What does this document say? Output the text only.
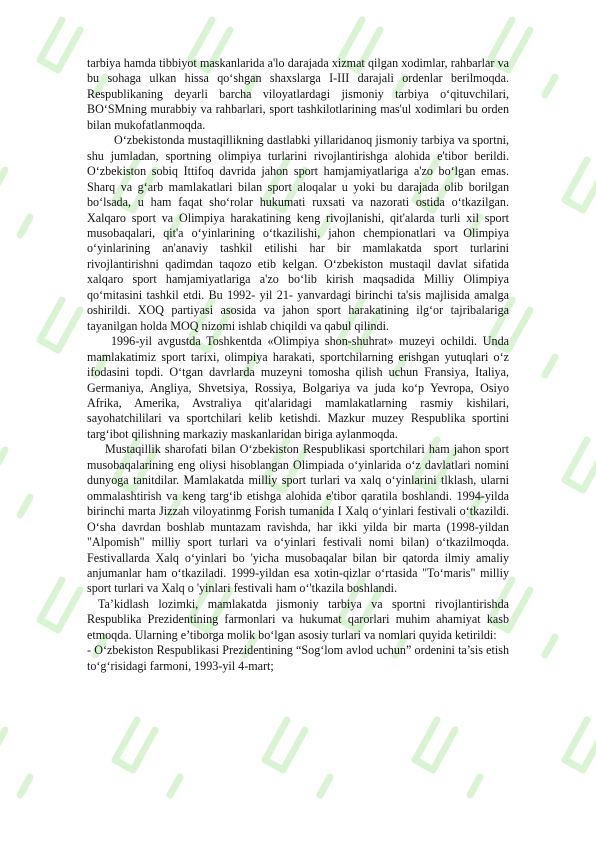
tarbiya hamda tibbiyot maskanlarida a'lo darajada xizmat qilgan xodimlar, rahbarlar va bu sohaga ulkan hissa qo‘shgan shaxslarga I-III darajali ordenlar berilmoqda. Respublikaning deyarli barcha viloyatlardagi jismoniy tarbiya o‘qituvchilari, BO‘SMning murabbiy va rahbarlari, sport tashkilotlarining mas'ul xodimlari bu orden bilan mukofatlanmoqda.

O‘zbekistonda mustaqillikning dastlabki yillaridanoq jismoniy tarbiya va sportni, shu jumladan, sportning olimpiya turlarini rivojlantirishga alohida e'tibor berildi. O‘zbekiston sobiq Ittifoq davrida jahon sport hamjamiyatlariga a'zo bo‘lgan emas. Sharq va g‘arb mamlakatlari bilan sport aloqalar u yoki bu darajada olib borilgan bo‘lsada, u ham faqat sho‘rolar hukumati ruxsati va nazorati ostida o‘tkazilgan. Xalqaro sport va Olimpiya harakatining keng rivojlanishi, qit'alarda turli xil sport musobaqalari, qit'a o‘yinlarining o‘tkazilishi, jahon chempionatlari va Olimpiya o‘yinlarining an'anaviy tashkil etilishi har bir mamlakatda sport turlarini rivojlantirishni qadimdan taqozo etib kelgan. O‘zbekiston mustaqil davlat sifatida xalqaro sport hamjamiyatlariga a'zo bo‘lib kirish maqsadida Milliy Olimpiya qo‘mitasini tashkil etdi. Bu 1992- yil 21- yanvardagi birinchi ta'sis majlisida amalga oshirildi. XOQ partiyasi asosida va jahon sport harakatining ilg‘or tajribalariga tayanilgan holda MOQ nizomi ishlab chiqildi va qabul qilindi.

1996-yil avgustda Toshkentda «Olimpiya shon-shuhrat» muzeyi ochildi. Unda mamlakatimiz sport tarixi, olimpiya harakati, sportchilarning erishgan yutuqlari o‘z ifodasini topdi. O‘tgan davrlarda muzeyni tomosha qilish uchun Fransiya, Italiya, Germaniya, Angliya, Shvetsiya, Rossiya, Bolgariya va juda ko‘p Yevropa, Osiyo Afrika, Amerika, Avstraliya qit'alaridagi mamlakatlarning rasmiy kishilari, sayohatchililari va sportchilari kelib ketishdi. Mazkur muzey Respublika sportini targ‘ibot qilishning markaziy maskanlaridan biriga aylanmoqda.

Mustaqillik sharofati bilan O‘zbekiston Respublikasi sportchilari ham jahon sport musobaqalarining eng oliysi hisoblangan Olimpiada o‘yinlarida o‘z davlatlari nomini dunyoga tanitdilar. Mamlakatda milliy sport turlari va xalq o‘yinlarini tlklash, ularni ommalashtirish va keng targ‘ib etishga alohida e'tibor qaratila boshlandi. 1994-yilda birinchi marta Jizzah viloyatinmg Forish tumanida I Xalq o‘yinlari festivali o‘tkazildi. O‘sha davrdan boshlab muntazam ravishda, har ikki yilda bir marta (1998-yildan "Alpomish" milliy sport turlari va o‘yinlari festivali nomi bilan) o‘tkazilmoqda. Festivallarda Xalq o‘yinlari bo 'yicha musobaqalar bilan bir qatorda ilmiy amaliy anjumanlar ham o‘tkaziladi. 1999-yildan esa xotin-qizlar o‘rtasida "To‘maris" milliy sport turlari va Xalq o 'yinlari festivali ham o‘'tkazila boshlandi.

Ta’kidlash lozimki, mamlakatda jismoniy tarbiya va sportni rivojlantirishda Respublika Prezidentining farmonlari va hukumat qarorlari muhim ahamiyat kasb etmoqda. Ularning e’tiborga molik bo‘lgan asosiy turlari va nomlari quyida ketirildi:

- O‘zbekiston Respublikasi Prezidentining “Sog‘lom avlod uchun” ordenini ta’sis etish to‘g‘risidagi farmoni, 1993-yil 4-mart;
